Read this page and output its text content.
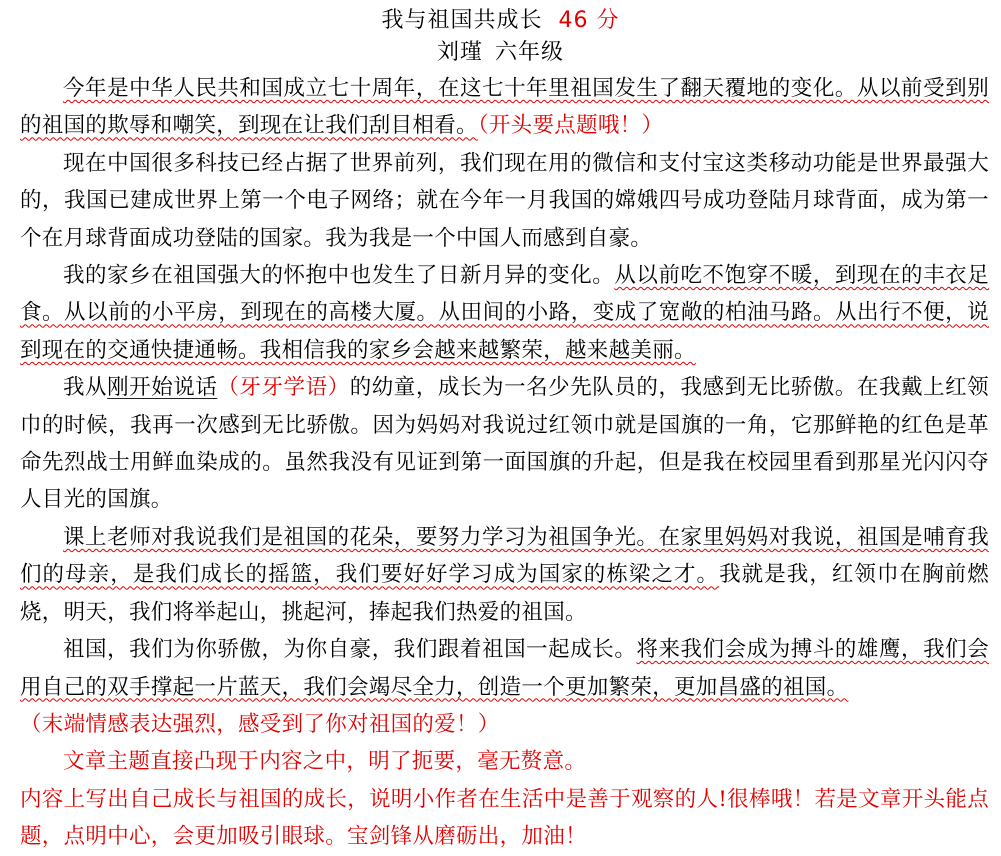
我与祖国共成长 46 分
刘瑾 六年级

今年是中华人民共和国成立七十周年，在这七十年里祖国发生了翻天覆地的变化。从以前受到别的祖国的欺辱和嘲笑，到现在让我们刮目相看。（开头要点题哦！）

现在中国很多科技已经占据了世界前列，我们现在用的微信和支付宝这类移动功能是世界最强大的，我国已建成世界上第一个电子网络；就在今年一月我国的嫦娥四号成功登陆月球背面，成为第一个在月球背面成功登陆的国家。我为我是一个中国人而感到自豪。

我的家乡在祖国强大的怀抱中也发生了日新月异的变化。从以前吃不饱穿不暖，到现在的丰衣足食。从以前的小平房，到现在的高楼大厦。从田间的小路，变成了宽敞的柏油马路。从出行不便，说到现在的交通快捷通畅。我相信我的家乡会越来越繁荣，越来越美丽。

我从刚开始说话（牙牙学语）的幼童，成长为一名少先队员的，我感到无比骄傲。在我戴上红领巾的时候，我再一次感到无比骄傲。因为妈妈对我说过红领巾就是国旗的一角，它那鲜艳的红色是革命先烈战士用鲜血染成的。虽然我没有见证到第一面国旗的升起，但是我在校园里看到那星光闪闪夺人目光的国旗。

课上老师对我说我们是祖国的花朵，要努力学习为祖国争光。在家里妈妈对我说，祖国是哺育我们的母亲，是我们成长的摇篮，我们要好好学习成为国家的栋梁之才。我就是我，红领巾在胸前燃烧，明天，我们将举起山，挑起河，捧起我们热爱的祖国。

祖国，我们为你骄傲，为你自豪，我们跟着祖国一起成长。将来我们会成为搏斗的雄鹰，我们会用自己的双手撑起一片蓝天，我们会竭尽全力，创造一个更加繁荣，更加昌盛的祖国。

（末端情感表达强烈，感受到了你对祖国的爱！）

文章主题直接凸现于内容之中，明了扼要，毫无赘意。

内容上写出自己成长与祖国的成长，说明小作者在生活中是善于观察的人!很棒哦！若是文章开头能点题，点明中心，会更加吸引眼球。宝剑锋从磨砺出，加油！
